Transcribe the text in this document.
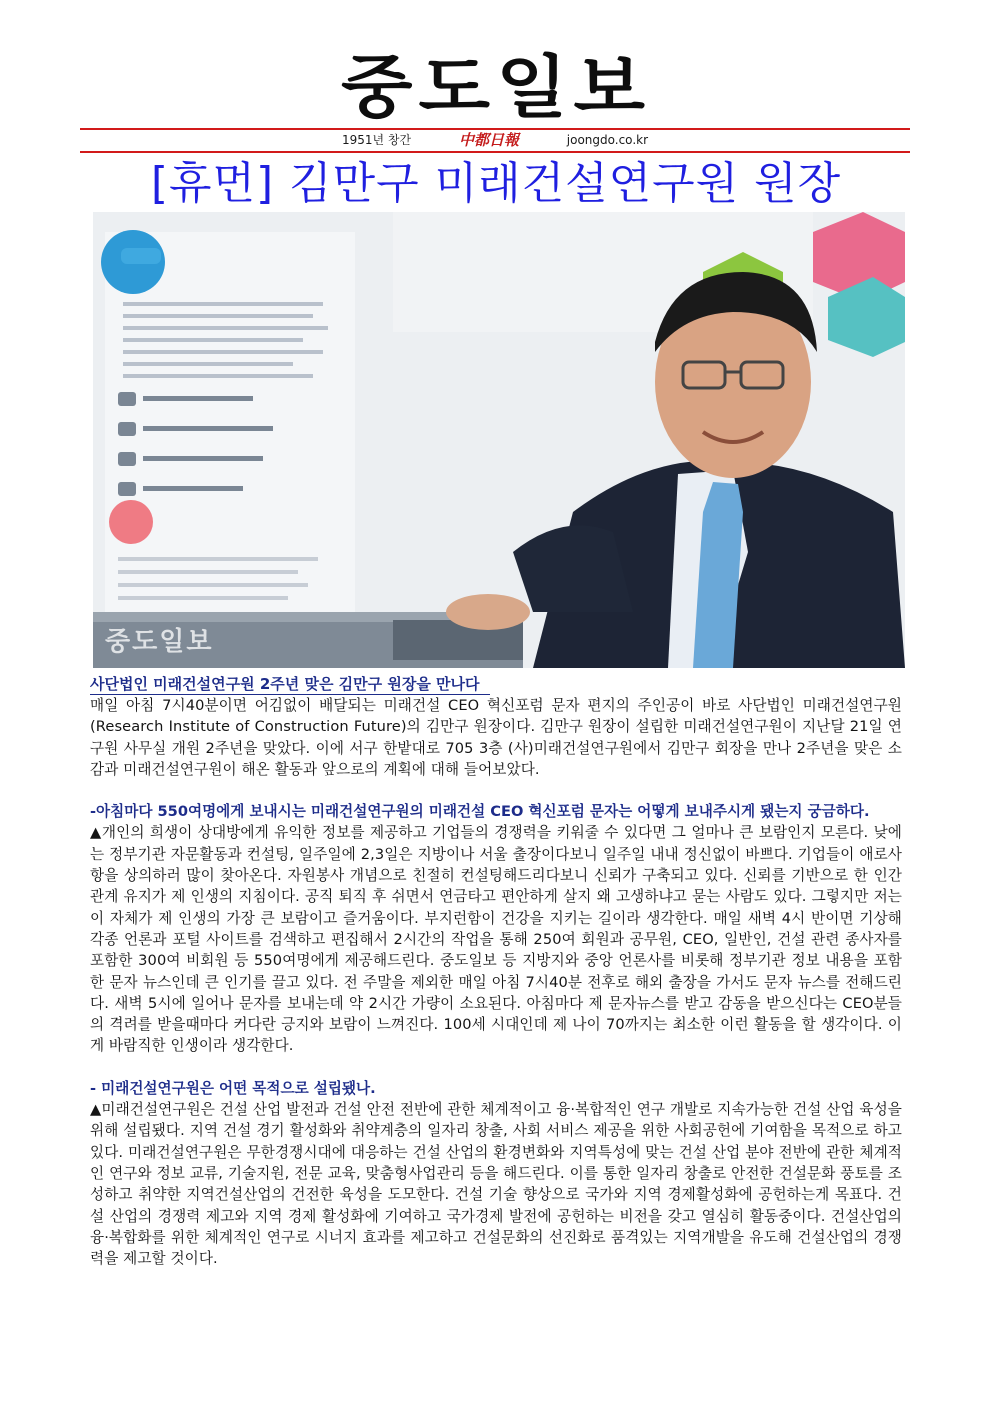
중도일보
1951년 창간	中都日報	joongdo.co.kr
[휴먼] 김만구 미래건설연구원 원장
중도일보
사단법인 미래건설연구원 2주년 맞은 김만구 원장을 만나다

매일 아침 7시40분이면 어김없이 배달되는 미래건설 CEO 혁신포럼 문자 편지의 주인공이 바로 사단법인 미래건설연구원(Research Institute of Construction Future)의 김만구 원장이다. 김만구 원장이 설립한 미래건설연구원이 지난달 21일 연구원 사무실 개원 2주년을 맞았다. 이에 서구 한밭대로 705 3층 (사)미래건설연구원에서 김만구 회장을 만나 2주년을 맞은 소감과 미래건설연구원이 해온 활동과 앞으로의 계획에 대해 들어보았다.

-아침마다 550여명에게 보내시는 미래건설연구원의 미래건설 CEO 혁신포럼 문자는 어떻게 보내주시게 됐는지 궁금하다.

▲개인의 희생이 상대방에게 유익한 정보를 제공하고 기업들의 경쟁력을 키워줄 수 있다면 그 얼마나 큰 보람인지 모른다. 낮에는 정부기관 자문활동과 컨설팅, 일주일에 2,3일은 지방이나 서울 출장이다보니 일주일 내내 정신없이 바쁘다. 기업들이 애로사항을 상의하러 많이 찾아온다. 자원봉사 개념으로 친절히 컨설팅해드리다보니 신뢰가 구축되고 있다. 신뢰를 기반으로 한 인간관계 유지가 제 인생의 지침이다. 공직 퇴직 후 쉬면서 연금타고 편안하게 살지 왜 고생하냐고 묻는 사람도 있다. 그렇지만 저는 이 자체가 제 인생의 가장 큰 보람이고 즐거움이다. 부지런함이 건강을 지키는 길이라 생각한다. 매일 새벽 4시 반이면 기상해 각종 언론과 포털 사이트를 검색하고 편집해서 2시간의 작업을 통해 250여 회원과 공무원, CEO, 일반인, 건설 관련 종사자를 포함한 300여 비회원 등 550여명에게 제공해드린다. 중도일보 등 지방지와 중앙 언론사를 비롯해 정부기관 정보 내용을 포함한 문자 뉴스인데 큰 인기를 끌고 있다. 전 주말을 제외한 매일 아침 7시40분 전후로 해외 출장을 가서도 문자 뉴스를 전해드린다. 새벽 5시에 일어나 문자를 보내는데 약 2시간 가량이 소요된다. 아침마다 제 문자뉴스를 받고 감동을 받으신다는 CEO분들의 격려를 받을때마다 커다란 긍지와 보람이 느껴진다. 100세 시대인데 제 나이 70까지는 최소한 이런 활동을 할 생각이다. 이게 바람직한 인생이라 생각한다.

- 미래건설연구원은 어떤 목적으로 설립됐나.

▲미래건설연구원은 건설 산업 발전과 건설 안전 전반에 관한 체계적이고 융·복합적인 연구 개발로 지속가능한 건설 산업 육성을 위해 설립됐다. 지역 건설 경기 활성화와 취약계층의 일자리 창출, 사회 서비스 제공을 위한 사회공헌에 기여함을 목적으로 하고 있다. 미래건설연구원은 무한경쟁시대에 대응하는 건설 산업의 환경변화와 지역특성에 맞는 건설 산업 분야 전반에 관한 체계적인 연구와 정보 교류, 기술지원, 전문 교육, 맞춤형사업관리 등을 해드린다. 이를 통한 일자리 창출로 안전한 건설문화 풍토를 조성하고 취약한 지역건설산업의 건전한 육성을 도모한다. 건설 기술 향상으로 국가와 지역 경제활성화에 공헌하는게 목표다. 건설 산업의 경쟁력 제고와 지역 경제 활성화에 기여하고 국가경제 발전에 공헌하는 비전을 갖고 열심히 활동중이다. 건설산업의 융·복합화를 위한 체계적인 연구로 시너지 효과를 제고하고 건설문화의 선진화로 품격있는 지역개발을 유도해 건설산업의 경쟁력을 제고할 것이다.
